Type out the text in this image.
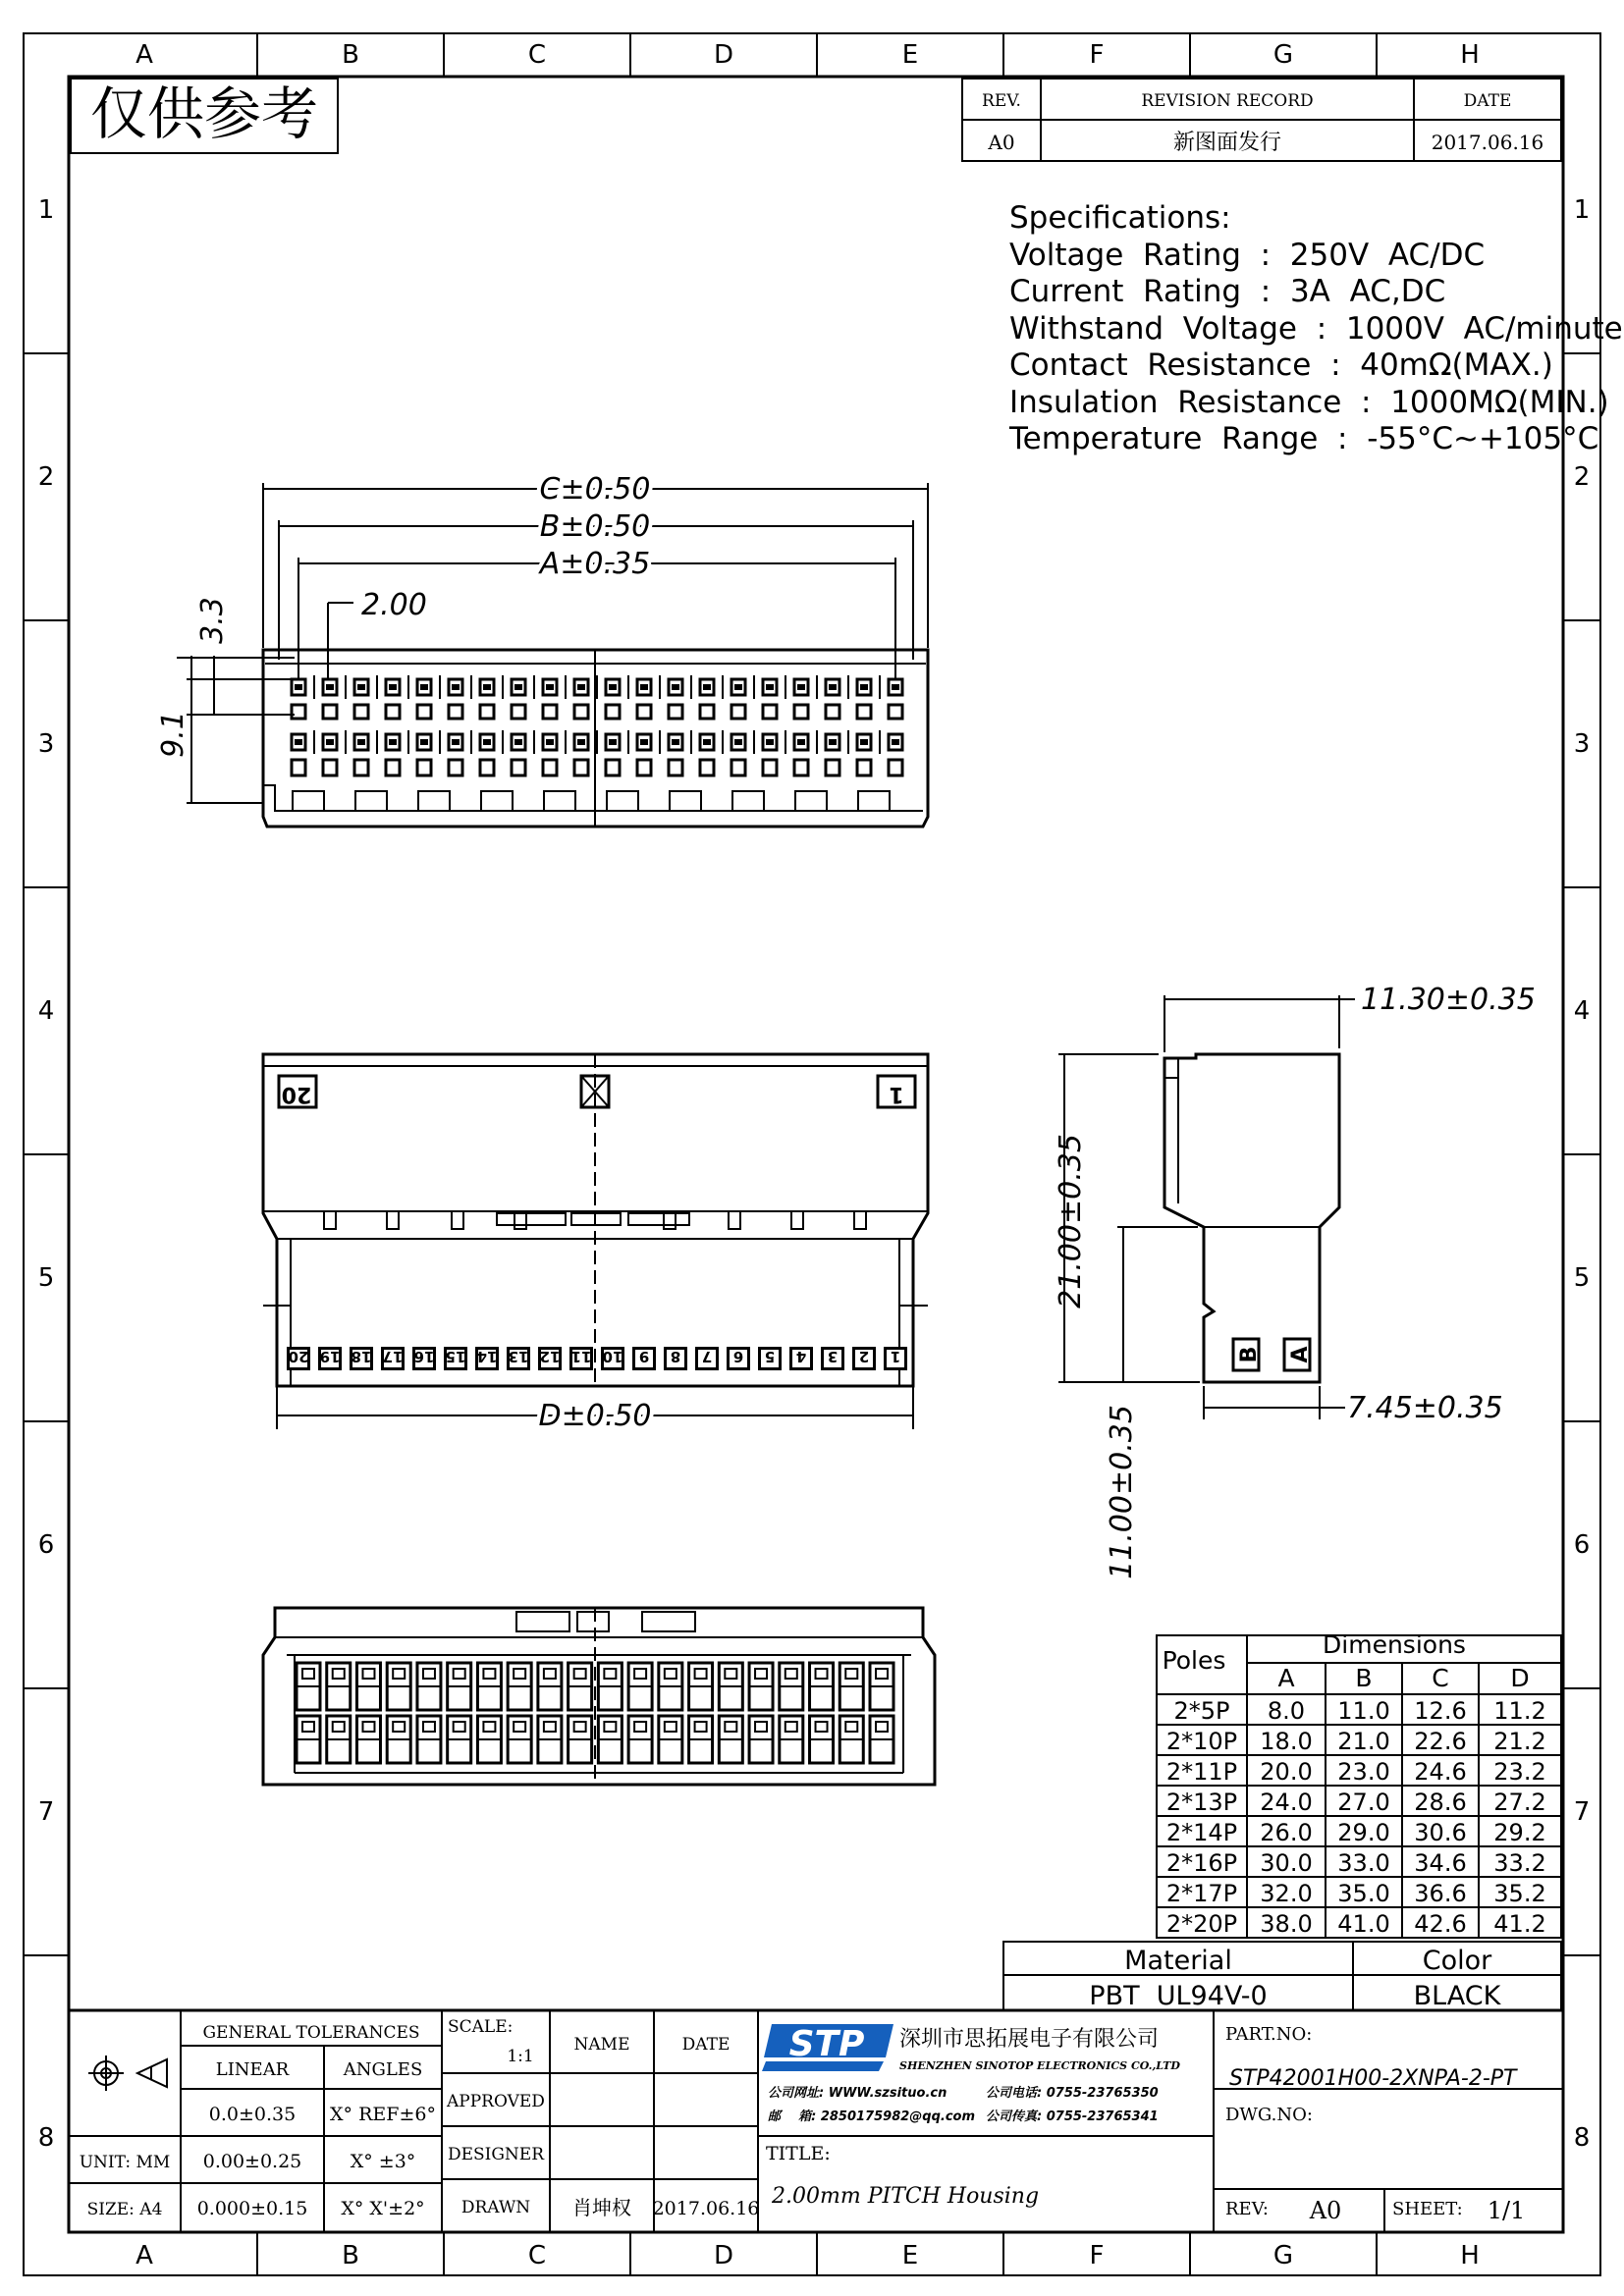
A
A
B
B
C
C
D
D
E
E
F
F
G
G
H
H
1	1
2	2
3	3
4	4
5	5
6	6
7	7
8	8
仅供参考	REV.	REVISION RECORD	DATE
A0	新图面发行	2017.06.16
Specifications:
Voltage  Rating  :  250V  AC/DC
Current  Rating  :  3A  AC,DC
Withstand  Voltage  :  1000V  AC/minute
Contact  Resistance  :  40mΩ(MAX.)
Insulation  Resistance  :  1000MΩ(MIN.)
Temperature  Range  :  -55°C~+105°C
C±0.50
B±0.50
A±0.35
2.00
3.3
9.1
20 19 18 17 16 15 14 13 12 11 10 9 8 7 6 5 4 3 2 1
20	1
D±0.50
B A
11.30±0.35
21.00±0.35
11.00±0.35	7.45±0.35
Poles
Dimensions
A B C	D
2*5P 8.0 11.0 12.6 11.2
2*10P 18.0 21.0 22.6 21.2
2*11P 20.0 23.0 24.6 23.2
2*13P 24.0 27.0 28.6 27.2
2*14P 26.0 29.0 30.6 29.2
2*16P 30.0 33.0 34.6 33.2
2*17P 32.0 35.0 36.6 35.2
2*20P 38.0 41.0 42.6 41.2
Material	Color
PBT  UL94V-0	BLACK
GENERAL TOLERANCES
LINEAR	ANGLES
0.0±0.35 X° REF±6°
0.00±0.25	X° ±3°
0.000±0.15 X° X'±2°
UNIT: MM
SIZE: A4
SCALE:
1:1
NAME	DATE
APPROVED
DESIGNER
DRAWN 肖坤权 2017.06.16
STP 深圳市思拓展电子有限公司
SHENZHEN SINOTOP ELECTRONICS CO.,LTD
公司网址: WWW.szsituo.cn	公司电话: 0755-23765350
邮    箱: 2850175982@qq.com 公司传真: 0755-23765341
TITLE:
2.00mm PITCH Housing
PART.NO:
STP42001H00-2XNPA-2-PT
DWG.NO:
REV: A0	SHEET: 1/1
